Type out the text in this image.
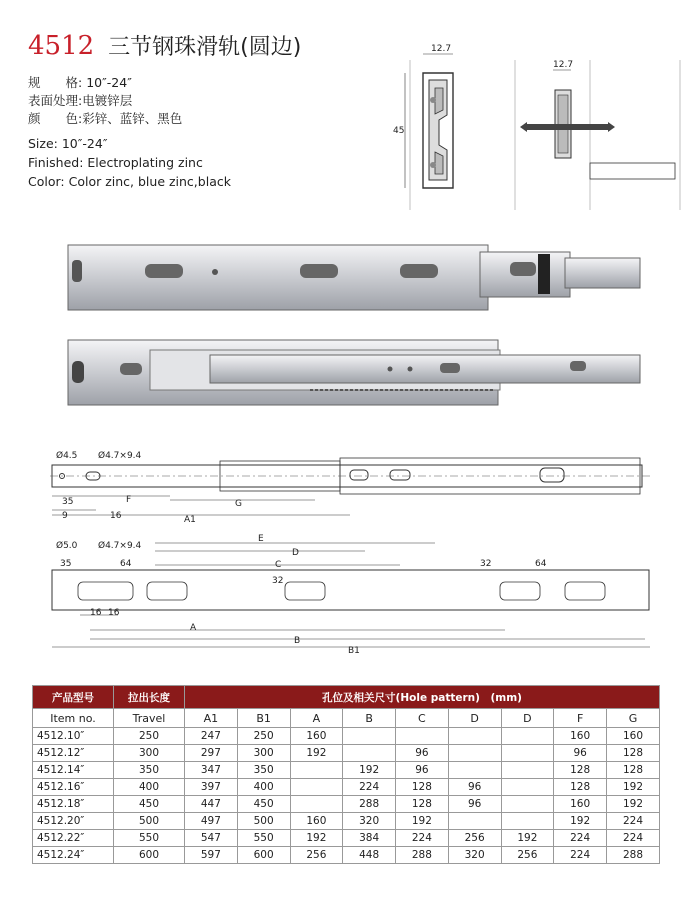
4512 三节钢珠滑轨(圆边)
规　　格: 10″-24″
表面处理:电镀锌层
颜　　色:彩锌、蓝锌、黑色
Size: 10″-24″
Finished: Electroplating zinc
Color: Color zinc, blue zinc,black
12.7
45
12.7
Ø4.5 Ø4.7×9.4
35	F
9	16
G
A1
Ø5.0 Ø4.7×9.4
35	64
E
D
C
32
32	64
16 16
A
B
B1
产品型号	拉出长度	孔位及相关尺寸(Hole pattern)　(mm)								
Item no.	Travel	A1	B1	A	B	C	D	D	F	G
4512.10″	250	247	250	160					160	160
4512.12″	300	297	300	192		96			96	128
4512.14″	350	347	350		192	96			128	128
4512.16″	400	397	400		224	128	96		128	192
4512.18″	450	447	450		288	128	96		160	192
4512.20″	500	497	500	160	320	192			192	224
4512.22″	550	547	550	192	384	224	256	192	224	224
4512.24″	600	597	600	256	448	288	320	256	224	288
